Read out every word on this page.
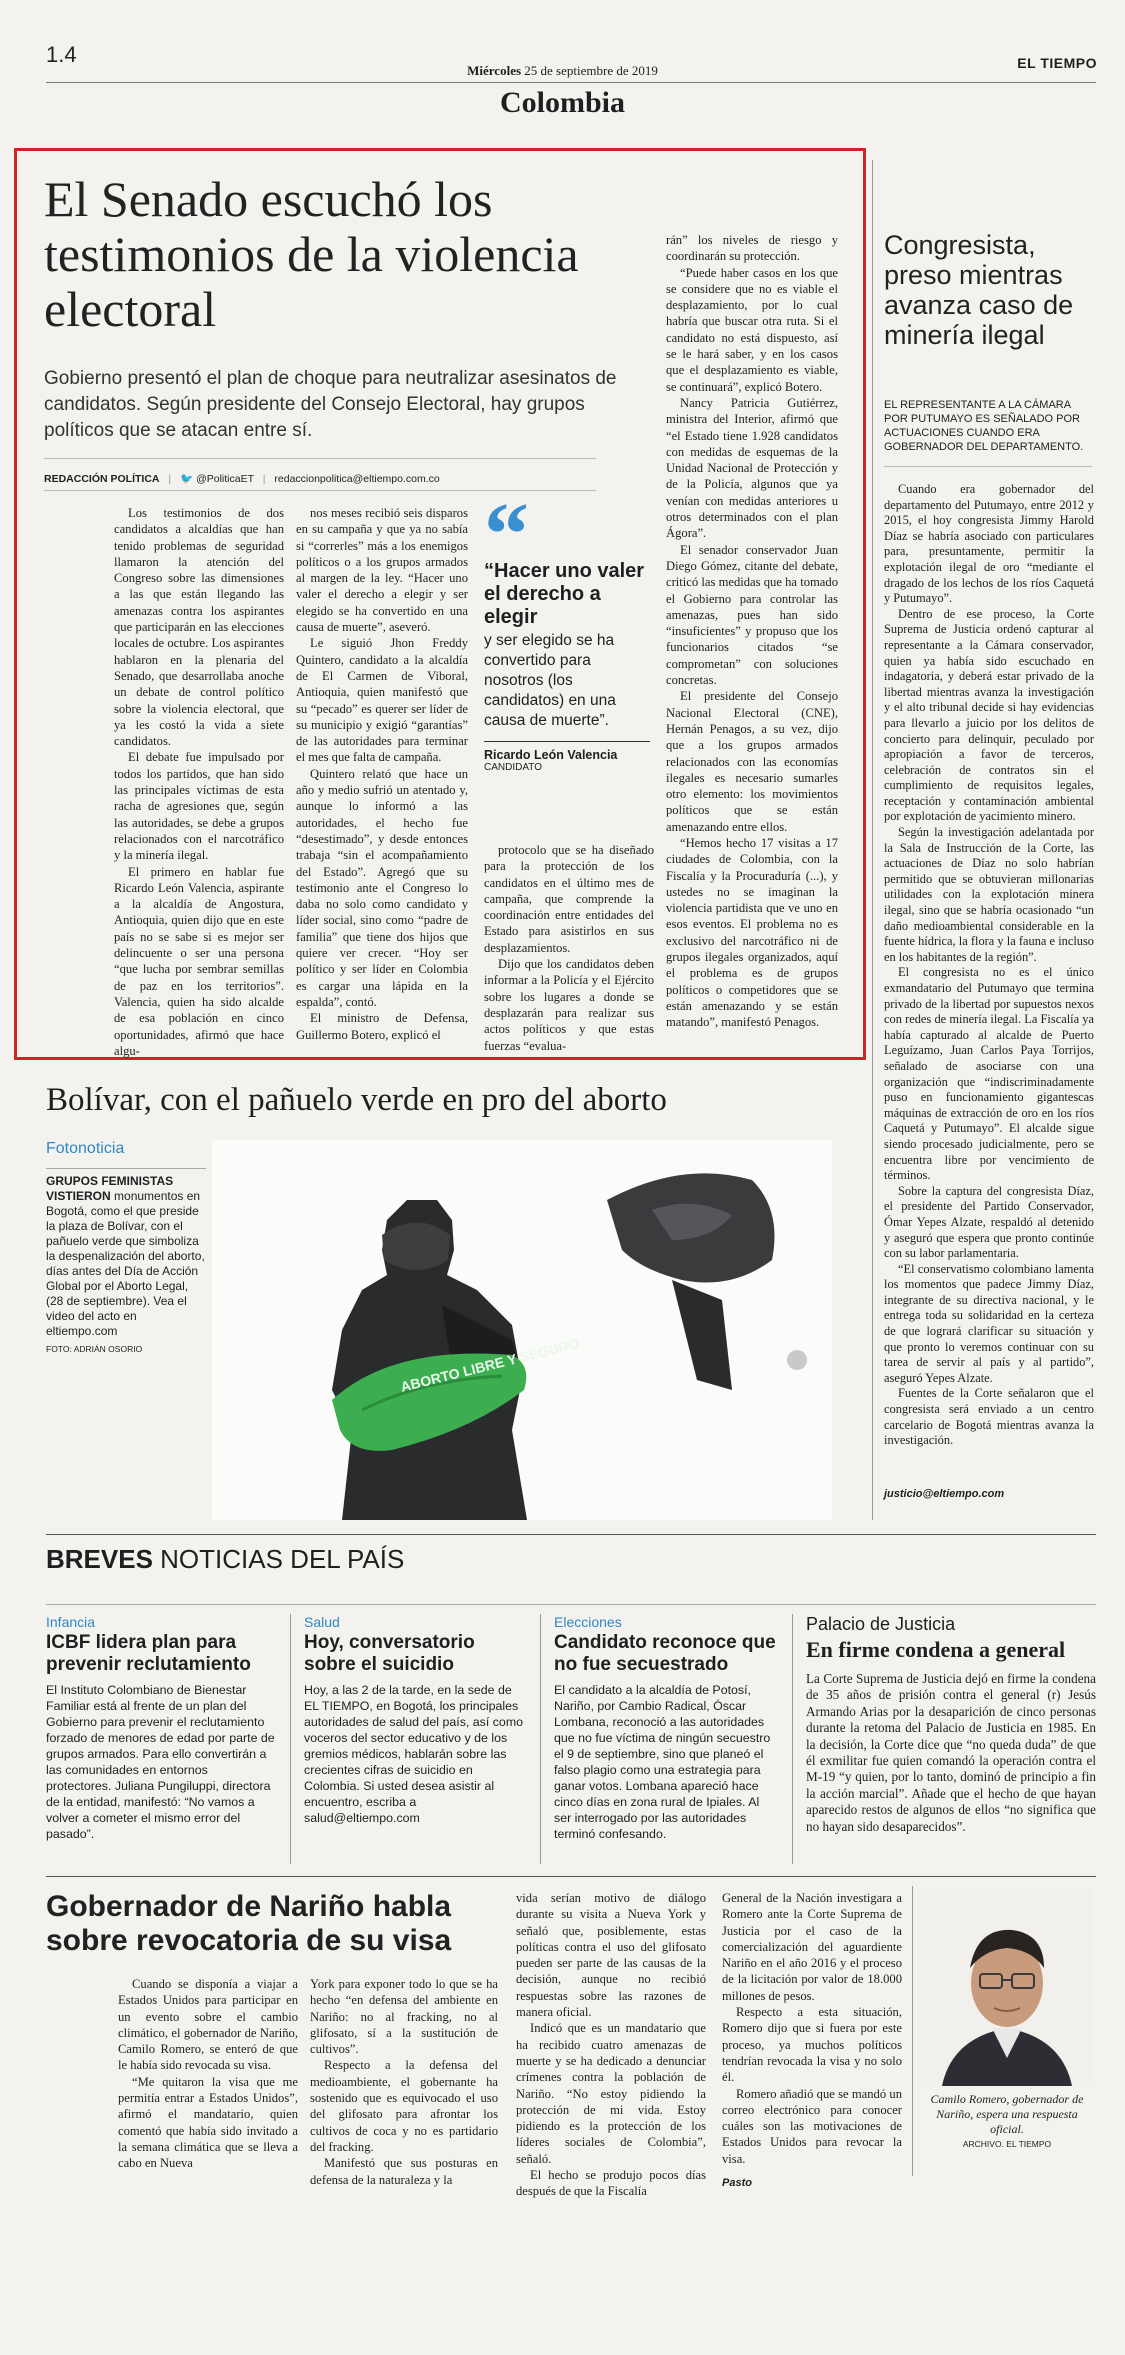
1.4
Miércoles 25 de septiembre de 2019	EL TIEMPO
Colombia
El Senado escuchó los testimonios de la violencia electoral
Gobierno presentó el plan de choque para neutralizar asesinatos de candidatos. Según presidente del Consejo Electoral, hay grupos políticos que se atacan entre sí.
REDACCIÓN POLÍTICA | 🐦 @PoliticaET | redaccionpolitica@eltiempo.com.co

Los testimonios de dos candidatos a alcaldías que han tenido problemas de seguridad llamaron la atención del Congreso sobre las dimensiones a las que están llegando las amenazas contra los aspirantes que participarán en las elecciones locales de octubre. Los aspirantes hablaron en la plenaria del Senado, que desarrollaba anoche un debate de control político sobre la violencia electoral, que ya les costó la vida a siete candidatos.

El debate fue impulsado por todos los partidos, que han sido las principales víctimas de esta racha de agresiones que, según las autoridades, se debe a grupos relacionados con el narcotráfico y la minería ilegal.

El primero en hablar fue Ricardo León Valencia, aspirante a la alcaldía de Angostura, Antioquia, quien dijo que en este país no se sabe si es mejor ser delincuente o ser una persona “que lucha por sembrar semillas de paz en los territorios”. Valencia, quien ha sido alcalde de esa población en cinco oportunidades, afirmó que hace algu-

nos meses recibió seis disparos en su campaña y que ya no sabía si “correrles” más a los enemigos políticos o a los grupos armados al margen de la ley. “Hacer uno valer el derecho a elegir y ser elegido se ha convertido en una causa de muerte”, aseveró.

Le siguió Jhon Freddy Quintero, candidato a la alcaldía de El Carmen de Viboral, Antioquia, quien manifestó que su “pecado” es querer ser líder de su municipio y exigió “garantías” de las autoridades para terminar el mes que falta de campaña.

Quintero relató que hace un año y medio sufrió un atentado y, aunque lo informó a las autoridades, el hecho fue “desestimado”, y desde entonces trabaja “sin el acompañamiento del Estado”. Agregó que su testimonio ante el Congreso lo daba no solo como candidato y líder social, sino como “padre de familia” que tiene dos hijos que quiere ver crecer. “Hoy ser político y ser líder en Colombia es cargar una lápida en la espalda”, contó.

El ministro de Defensa, Guillermo Botero, explicó el

“
“Hacer uno valer el derecho a elegir
y ser elegido se ha convertido para nosotros (los candidatos) en una causa de muerte”.
Ricardo León Valencia
CANDIDATO

protocolo que se ha diseñado para la protección de los candidatos en el último mes de campaña, que comprende la coordinación entre entidades del Estado para asistirlos en sus desplazamientos.

Dijo que los candidatos deben informar a la Policía y el Ejército sobre los lugares a donde se desplazarán para realizar sus actos políticos y que estas fuerzas “evalua-

rán” los niveles de riesgo y coordinarán su protección.

“Puede haber casos en los que se considere que no es viable el desplazamiento, por lo cual habría que buscar otra ruta. Si el candidato no está dispuesto, así se le hará saber, y en los casos que el desplazamiento es viable, se continuará”, explicó Botero.

Nancy Patricia Gutiérrez, ministra del Interior, afirmó que “el Estado tiene 1.928 candidatos con medidas de esquemas de la Unidad Nacional de Protección y de la Policía, algunos que ya venían con medidas anteriores u otros determinados con el plan Ágora”.

El senador conservador Juan Diego Gómez, citante del debate, criticó las medidas que ha tomado el Gobierno para controlar las amenazas, pues han sido “insuficientes” y propuso que los funcionarios citados “se comprometan” con soluciones concretas.

El presidente del Consejo Nacional Electoral (CNE), Hernán Penagos, a su vez, dijo que a los grupos armados relacionados con las economías ilegales es necesario sumarles otro elemento: los movimientos políticos que se están amenazando entre ellos.

“Hemos hecho 17 visitas a 17 ciudades de Colombia, con la Fiscalía y la Procuraduría (...), y ustedes no se imaginan la violencia partidista que ve uno en esos eventos. El problema no es exclusivo del narcotráfico ni de grupos ilegales organizados, aquí el problema es de grupos políticos o competidores que se están amenazando y se están matando”, manifestó Penagos.

Congresista, preso mientras avanza caso de minería ilegal
EL REPRESENTANTE A LA CÁMARA POR PUTUMAYO ES SEÑALADO POR ACTUACIONES CUANDO ERA GOBERNADOR DEL DEPARTAMENTO.

Cuando era gobernador del departamento del Putumayo, entre 2012 y 2015, el hoy congresista Jimmy Harold Díaz se habría asociado con particulares para, presuntamente, permitir la explotación ilegal de oro “mediante el dragado de los lechos de los ríos Caquetá y Putumayo”.

Dentro de ese proceso, la Corte Suprema de Justicia ordenó capturar al representante a la Cámara conservador, quien ya había sido escuchado en indagatoria, y deberá estar privado de la libertad mientras avanza la investigación y el alto tribunal decide si hay evidencias para llevarlo a juicio por los delitos de concierto para delinquir, peculado por apropiación a favor de terceros, celebración de contratos sin el cumplimiento de requisitos legales, receptación y contaminación ambiental por explotación de yacimiento minero.

Según la investigación adelantada por la Sala de Instrucción de la Corte, las actuaciones de Díaz no solo habrían permitido que se obtuvieran millonarias utilidades con la explotación minera ilegal, sino que se habría ocasionado “un daño medioambiental considerable en la fuente hídrica, la flora y la fauna e incluso en los habitantes de la región”.

El congresista no es el único exmandatario del Putumayo que termina privado de la libertad por supuestos nexos con redes de minería ilegal. La Fiscalía ya había capturado al alcalde de Puerto Leguízamo, Juan Carlos Paya Torrijos, señalado de asociarse con una organización que “indiscriminadamente puso en funcionamiento gigantescas máquinas de extracción de oro en los ríos Caquetá y Putumayo”. El alcalde sigue siendo procesado judicialmente, pero se encuentra libre por vencimiento de términos.

Sobre la captura del congresista Díaz, el presidente del Partido Conservador, Ómar Yepes Alzate, respaldó al detenido y aseguró que espera que pronto continúe con su labor parlamentaria.

“El conservatismo colombiano lamenta los momentos que padece Jimmy Díaz, integrante de su directiva nacional, y le entrega toda su solidaridad en la certeza de que logrará clarificar su situación y que pronto lo veremos continuar con su tarea de servir al país y al partido”, aseguró Yepes Alzate.

Fuentes de la Corte señalaron que el congresista será enviado a un centro carcelario de Bogotá mientras avanza la investigación.

justicio@eltiempo.com
Bolívar, con el pañuelo verde en pro del aborto
Fotonoticia
GRUPOS FEMINISTAS VISTIERON monumentos en Bogotá, como el que preside la plaza de Bolívar, con el pañuelo verde que simboliza la despenalización del aborto, días antes del Día de Acción Global por el Aborto Legal, (28 de septiembre). Vea el video del acto en eltiempo.com
FOTO: ADRIÁN OSORIO	ABORTO LIBRE Y SEGURO
BREVES NOTICIAS DEL PAÍS
Infancia
ICBF lidera plan para prevenir reclutamiento
El Instituto Colombiano de Bienestar Familiar está al frente de un plan del Gobierno para prevenir el reclutamiento forzado de menores de edad por parte de grupos armados. Para ello convertirán a las comunidades en entornos protectores. Juliana Pungiluppi, directora de la entidad, manifestó: “No vamos a volver a cometer el mismo error del pasado”.
Salud
Hoy, conversatorio sobre el suicidio
Hoy, a las 2 de la tarde, en la sede de EL TIEMPO, en Bogotá, los principales autoridades de salud del país, así como voceros del sector educativo y de los gremios médicos, hablarán sobre las crecientes cifras de suicidio en Colombia. Si usted desea asistir al encuentro, escriba a salud@eltiempo.com
Elecciones
Candidato reconoce que no fue secuestrado
El candidato a la alcaldía de Potosí, Nariño, por Cambio Radical, Óscar Lombana, reconoció a las autoridades que no fue víctima de ningún secuestro el 9 de septiembre, sino que planeó el falso plagio como una estrategia para ganar votos. Lombana apareció hace cinco días en zona rural de Ipiales. Al ser interrogado por las autoridades terminó confesando.
Palacio de Justicia
En firme condena a general
La Corte Suprema de Justicia dejó en firme la condena de 35 años de prisión contra el general (r) Jesús Armando Arias por la desaparición de cinco personas durante la retoma del Palacio de Justicia en 1985. En la decisión, la Corte dice que “no queda duda” de que él exmilitar fue quien comandó la operación contra el M-19 “y quien, por lo tanto, dominó de principio a fin la acción marcial”. Añade que el hecho de que hayan aparecido restos de algunos de ellos “no significa que no hayan sido desaparecidos”.
Gobernador de Nariño habla sobre revocatoria de su visa

Cuando se disponía a viajar a Estados Unidos para participar en un evento sobre el cambio climático, el gobernador de Nariño, Camilo Romero, se enteró de que le había sido revocada su visa.

“Me quitaron la visa que me permitía entrar a Estados Unidos”, afirmó el mandatario, quien comentó que había sido invitado a la semana climática que se lleva a cabo en Nueva

York para exponer todo lo que se ha hecho “en defensa del ambiente en Nariño: no al fracking, no al glifosato, sí a la sustitución de cultivos”.

Respecto a la defensa del medioambiente, el gobernante ha sostenido que es equivocado el uso del glifosato para afrontar los cultivos de coca y no es partidario del fracking.

Manifestó que sus posturas en defensa de la naturaleza y la

vida serían motivo de diálogo durante su visita a Nueva York y señaló que, posiblemente, estas políticas contra el uso del glifosato pueden ser parte de las causas de la decisión, aunque no recibió respuestas sobre las razones de manera oficial.

Indicó que es un mandatario que ha recibido cuatro amenazas de muerte y se ha dedicado a denunciar crímenes contra la población de Nariño. “No estoy pidiendo la protección de mi vida. Estoy pidiendo es la protección de los líderes sociales de Colombia”, señaló.

El hecho se produjo pocos días después de que la Fiscalía

General de la Nación investigara a Romero ante la Corte Suprema de Justicia por el caso de la comercialización del aguardiente Nariño en el año 2016 y el proceso de la licitación por valor de 18.000 millones de pesos.

Respecto a esta situación, Romero dijo que si fuera por este proceso, ya muchos políticos tendrían revocada la visa y no solo él.

Romero añadió que se mandó un correo electrónico para conocer cuáles son las motivaciones de Estados Unidos para revocar la visa.

Pasto
Camilo Romero, gobernador de Nariño, espera una respuesta oficial.
ARCHIVO. EL TIEMPO
